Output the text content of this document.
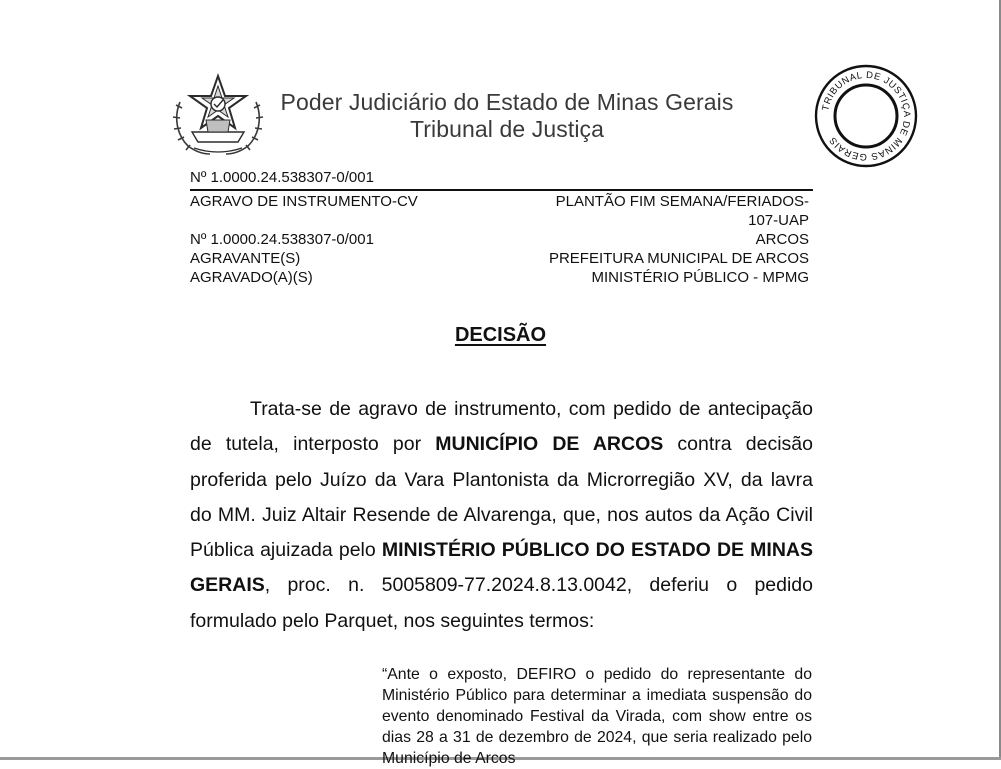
Poder Judiciário do Estado de Minas Gerais
Tribunal de Justiça
TRIBUNAL DE JUSTIÇA DE MINAS GERAIS
Nº 1.0000.24.538307-0/001
AGRAVO DE INSTRUMENTO-CV
Nº 1.0000.24.538307-0/001
AGRAVANTE(S)
AGRAVADO(A)(S)
PLANTÃO FIM SEMANA/FERIADOS-
107-UAP
ARCOS
PREFEITURA MUNICIPAL DE ARCOS
MINISTÉRIO PÚBLICO - MPMG
DECISÃO

Trata-se de agravo de instrumento, com pedido de antecipação de tutela, interposto por MUNICÍPIO DE ARCOS contra decisão proferida pelo Juízo da Vara Plantonista da Microrregião XV, da lavra do MM. Juiz Altair Resende de Alvarenga, que, nos autos da Ação Civil Pública ajuizada pelo MINISTÉRIO PÚBLICO DO ESTADO DE MINAS GERAIS, proc. n. 5005809-77.2024.8.13.0042, deferiu o pedido formulado pelo Parquet, nos seguintes termos:

“Ante o exposto, DEFIRO o pedido do representante do Ministério Público para determinar a imediata suspensão do evento denominado Festival da Virada, com show entre os dias 28 a 31 de dezembro de 2024, que seria realizado pelo Município de Arcos
